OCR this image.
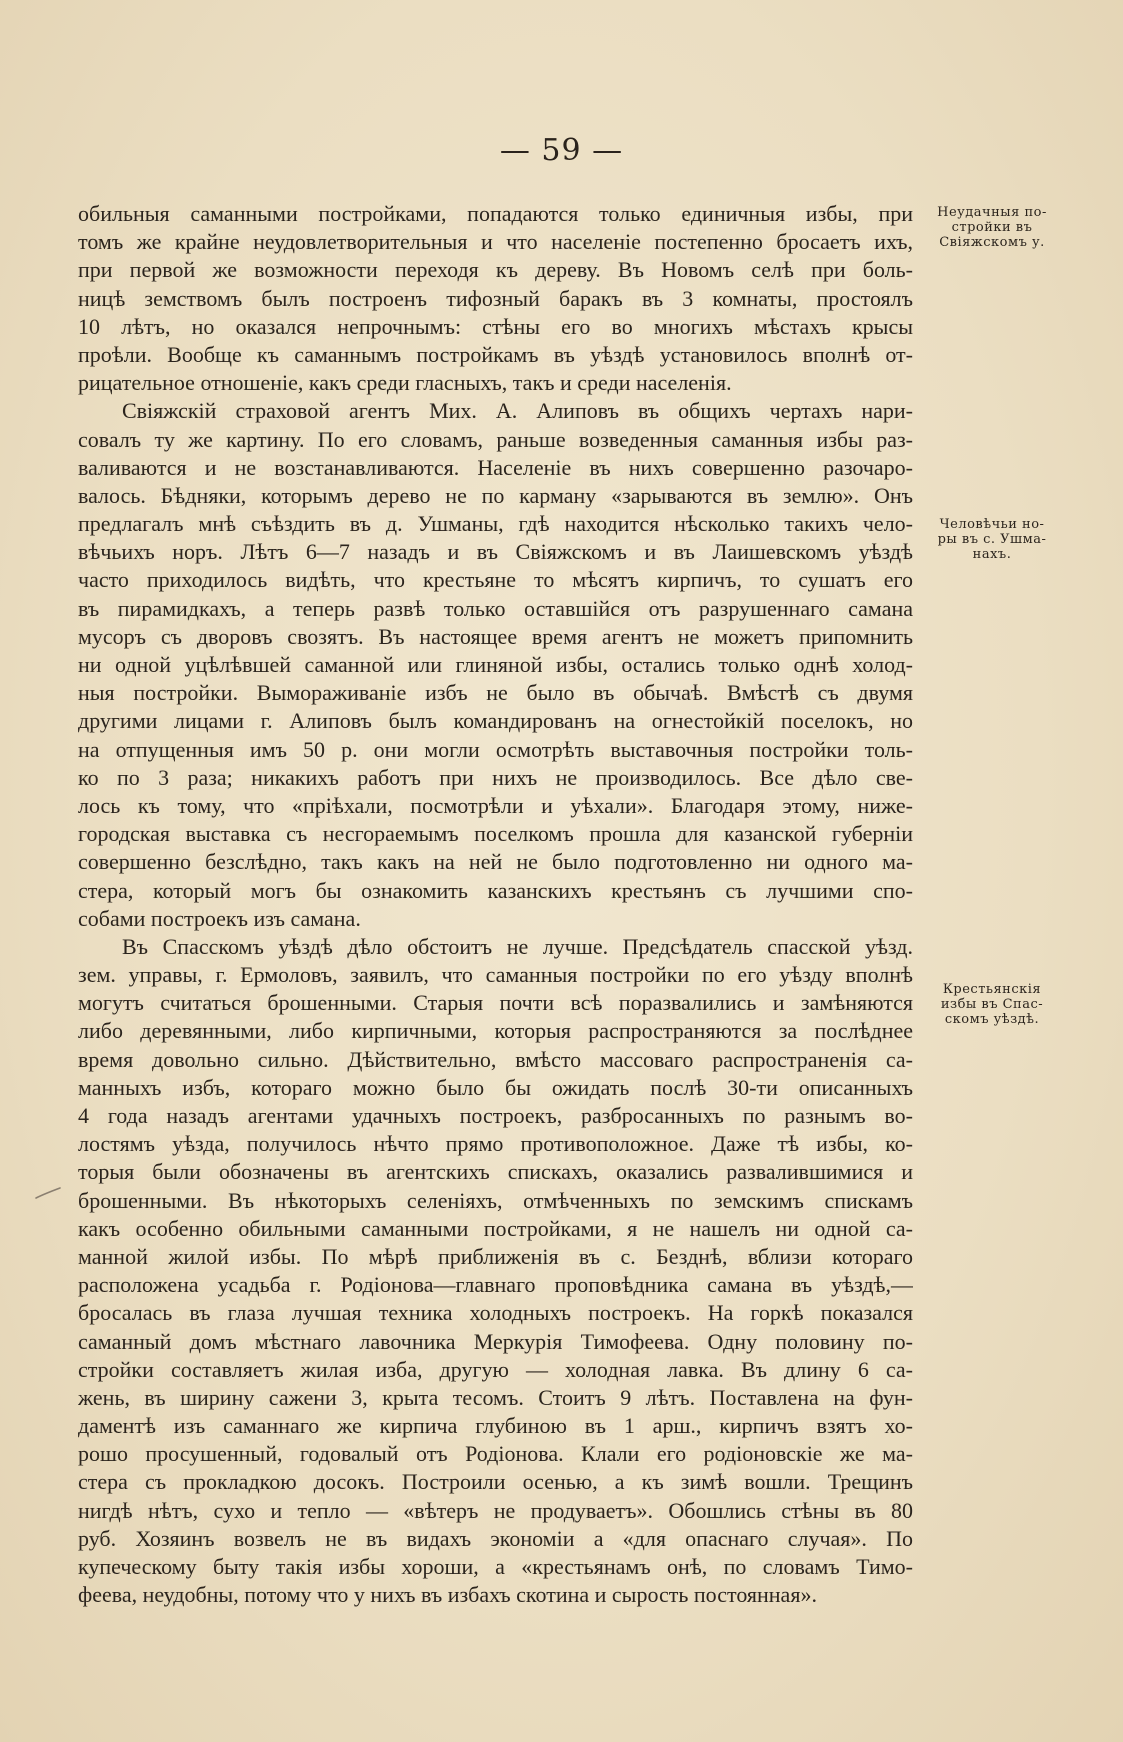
— 59 —
обильныя саманными постройками, попадаются только единичныя избы, при
томъ же крайне неудовлетворительныя и что населеніе постепенно бросаетъ ихъ,
при первой же возможности переходя къ дереву. Въ Новомъ селѣ при боль-
ницѣ земствомъ былъ построенъ тифозный баракъ въ 3 комнаты, простоялъ
10 лѣтъ, но оказался непрочнымъ: стѣны его во многихъ мѣстахъ крысы
проѣли. Вообще къ саманнымъ постройкамъ въ уѣздѣ установилось вполнѣ от-
рицательное отношеніе, какъ среди гласныхъ, такъ и среди населенія.
Свіяжскій страховой агентъ Мих. А. Алиповъ въ общихъ чертахъ нари-
совалъ ту же картину. По его словамъ, раньше возведенныя саманныя избы раз-
валиваются и не возстанавливаются. Населеніе въ нихъ совершенно разочаро-
валось. Бѣдняки, которымъ дерево не по карману «зарываются въ землю». Онъ
предлагалъ мнѣ съѣздить въ д. Ушманы, гдѣ находится нѣсколько такихъ чело-
вѣчьихъ норъ. Лѣтъ 6—7 назадъ и въ Свіяжскомъ и въ Лаишевскомъ уѣздѣ
часто приходилось видѣть, что крестьяне то мѣсятъ кирпичъ, то сушатъ его
въ пирамидкахъ, а теперь развѣ только оставшійся отъ разрушеннаго самана
мусоръ съ дворовъ свозятъ. Въ настоящее время агентъ не можетъ припомнить
ни одной уцѣлѣвшей саманной или глиняной избы, остались только однѣ холод-
ныя постройки. Вымораживаніе избъ не было въ обычаѣ. Вмѣстѣ съ двумя
другими лицами г. Алиповъ былъ командированъ на огнестойкій поселокъ, но
на отпущенныя имъ 50 р. они могли осмотрѣть выставочныя постройки толь-
ко по 3 раза; никакихъ работъ при нихъ не производилось. Все дѣло све-
лось къ тому, что «пріѣхали, посмотрѣли и уѣхали». Благодаря этому, ниже-
городская выставка съ несгораемымъ поселкомъ прошла для казанской губерніи
совершенно безслѣдно, такъ какъ на ней не было подготовленно ни одного ма-
стера, который могъ бы ознакомить казанскихъ крестьянъ съ лучшими спо-
собами построекъ изъ самана.
Въ Спасскомъ уѣздѣ дѣло обстоитъ не лучше. Предсѣдатель спасской уѣзд.
зем. управы, г. Ермоловъ, заявилъ, что саманныя постройки по его уѣзду вполнѣ
могутъ считаться брошенными. Старыя почти всѣ поразвалились и замѣняются
либо деревянными, либо кирпичными, которыя распространяются за послѣднее
время довольно сильно. Дѣйствительно, вмѣсто массоваго распространенія са-
манныхъ избъ, котораго можно было бы ожидать послѣ 30-ти описанныхъ
4 года назадъ агентами удачныхъ построекъ, разбросанныхъ по разнымъ во-
лостямъ уѣзда, получилось нѣчто прямо противоположное. Даже тѣ избы, ко-
торыя были обозначены въ агентскихъ спискахъ, оказались развалившимися и
брошенными. Въ нѣкоторыхъ селеніяхъ, отмѣченныхъ по земскимъ спискамъ
какъ особенно обильными саманными постройками, я не нашелъ ни одной са-
манной жилой избы. По мѣрѣ приближенія въ с. Безднѣ, вблизи котораго
расположена усадьба г. Родіонова—главнаго проповѣдника самана въ уѣздѣ,—
бросалась въ глаза лучшая техника холодныхъ построекъ. На горкѣ показался
саманный домъ мѣстнаго лавочника Меркурія Тимофеева. Одну половину по-
стройки составляетъ жилая изба, другую — холодная лавка. Въ длину 6 са-
жень, въ ширину сажени 3, крыта тесомъ. Стоитъ 9 лѣтъ. Поставлена на фун-
даментѣ изъ саманнаго же кирпича глубиною въ 1 арш., кирпичъ взятъ хо-
рошо просушенный, годовалый отъ Родіонова. Клали его родіоновскіе же ма-
стера съ прокладкою досокъ. Построили осенью, а къ зимѣ вошли. Трещинъ
нигдѣ нѣтъ, сухо и тепло — «вѣтеръ не продуваетъ». Обошлись стѣны въ 80
руб. Хозяинъ возвелъ не въ видахъ экономіи а «для опаснаго случая». По
купеческому быту такія избы хороши, а «крестьянамъ онѣ, по словамъ Тимо-
феева, неудобны, потому что у нихъ въ избахъ скотина и сырость постоянная».
Неудачныя по-
стройки въ
Свіяжскомъ у.
Человѣчьи но-
ры въ с. Ушма-
нахъ.
Крестьянскія
избы въ Спас-
скомъ уѣздѣ.
